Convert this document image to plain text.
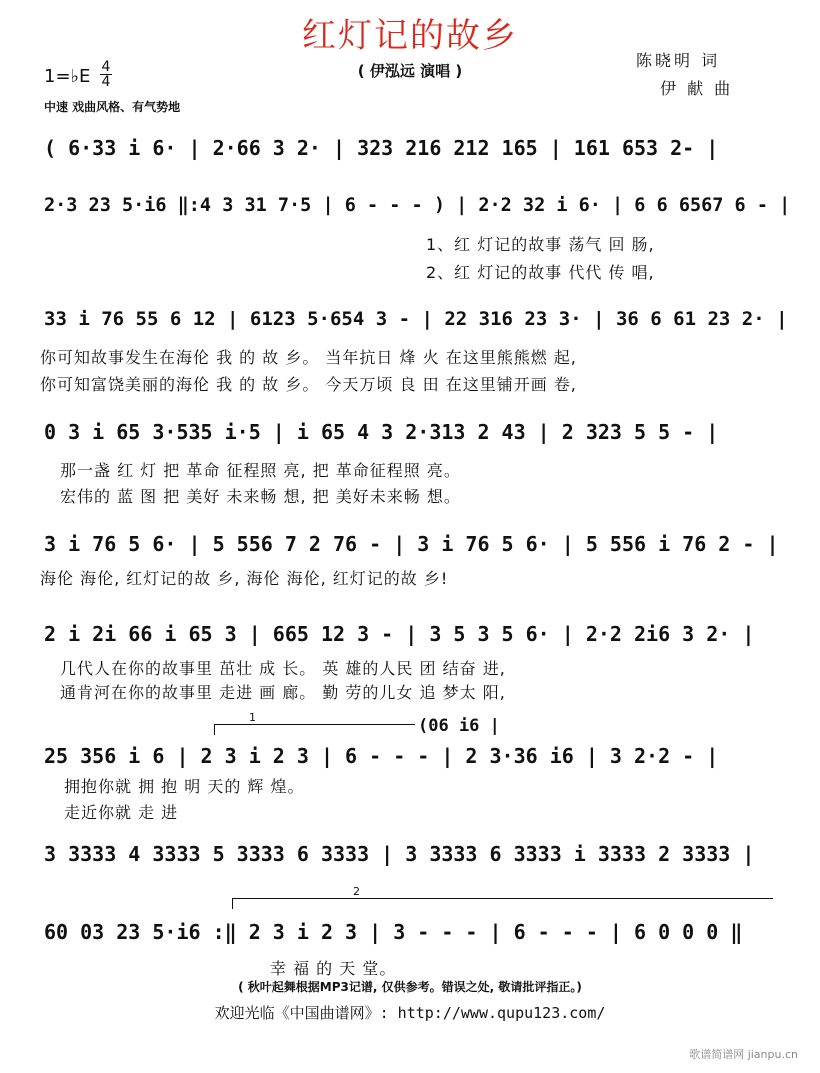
红灯记的故乡
( 伊泓远 演唱 )
陈晓明 词
伊 献 曲
1=♭E 4
4
中速 戏曲风格、有气势地
( 6·33 i 6· | 2·66 3 2· | 323 216 212 165 | 161 653 2- |
2·3 23 5·i6 ‖:4 3 31 7·5 | 6 - - - ) | 2·2 32 i 6· | 6 6 6567 6 - |
1、红 灯记的故事 荡气 回 肠,
2、红 灯记的故事 代代 传 唱,
33 i 76 55 6 12 | 6123 5·654 3 - | 22 316 23 3· | 36 6 61 23 2· |
你可知故事发生在海伦 我 的 故 乡。 当年抗日 烽 火 在这里熊熊燃 起,
你可知富饶美丽的海伦 我 的 故 乡。 今天万顷 良 田 在这里铺开画 卷,
0 3 i 65 3·535 i·5 | i 65 4 3 2·313 2 43 | 2 323 5 5 - |
那一盏 红 灯 把 革命 征程照 亮, 把 革命征程照 亮。
宏伟的 蓝 图 把 美好 未来畅 想, 把 美好未来畅 想。
3 i 76 5 6· | 5 556 7 2 76 - | 3 i 76 5 6· | 5 556 i 76 2 - |
海伦 海伦, 红灯记的故 乡, 海伦 海伦, 红灯记的故 乡!
2 i 2i 66 i 65 3 | 665 12 3 - | 3 5 3 5 6· | 2·2 2i6 3 2· |
几代人在你的故事里 茁壮 成 长。 英 雄的人民 团 结奋 进,
通肯河在你的故事里 走进 画 廊。 勤 劳的儿女 追 梦太 阳,
1	(06 i6 |
25 356 i 6 | 2 3 i 2 3 | 6 - - - | 2 3·36 i6 | 3 2·2 - |
拥抱你就 拥 抱 明 天的 辉 煌。
走近你就 走 进
3 3333 4 3333 5 3333 6 3333 | 3 3333 6 3333 i 3333 2 3333 |
2
60 03 23 5·i6 :‖ 2 3 i 2 3 | 3 - - - | 6 - - - | 6 0 0 0 ‖
幸 福 的 天 堂。
( 秋叶起舞根据MP3记谱, 仅供参考。错误之处, 敬请批评指正。)
欢迎光临《中国曲谱网》: http://www.qupu123.com/
歌谱简谱网 jianpu.cn
